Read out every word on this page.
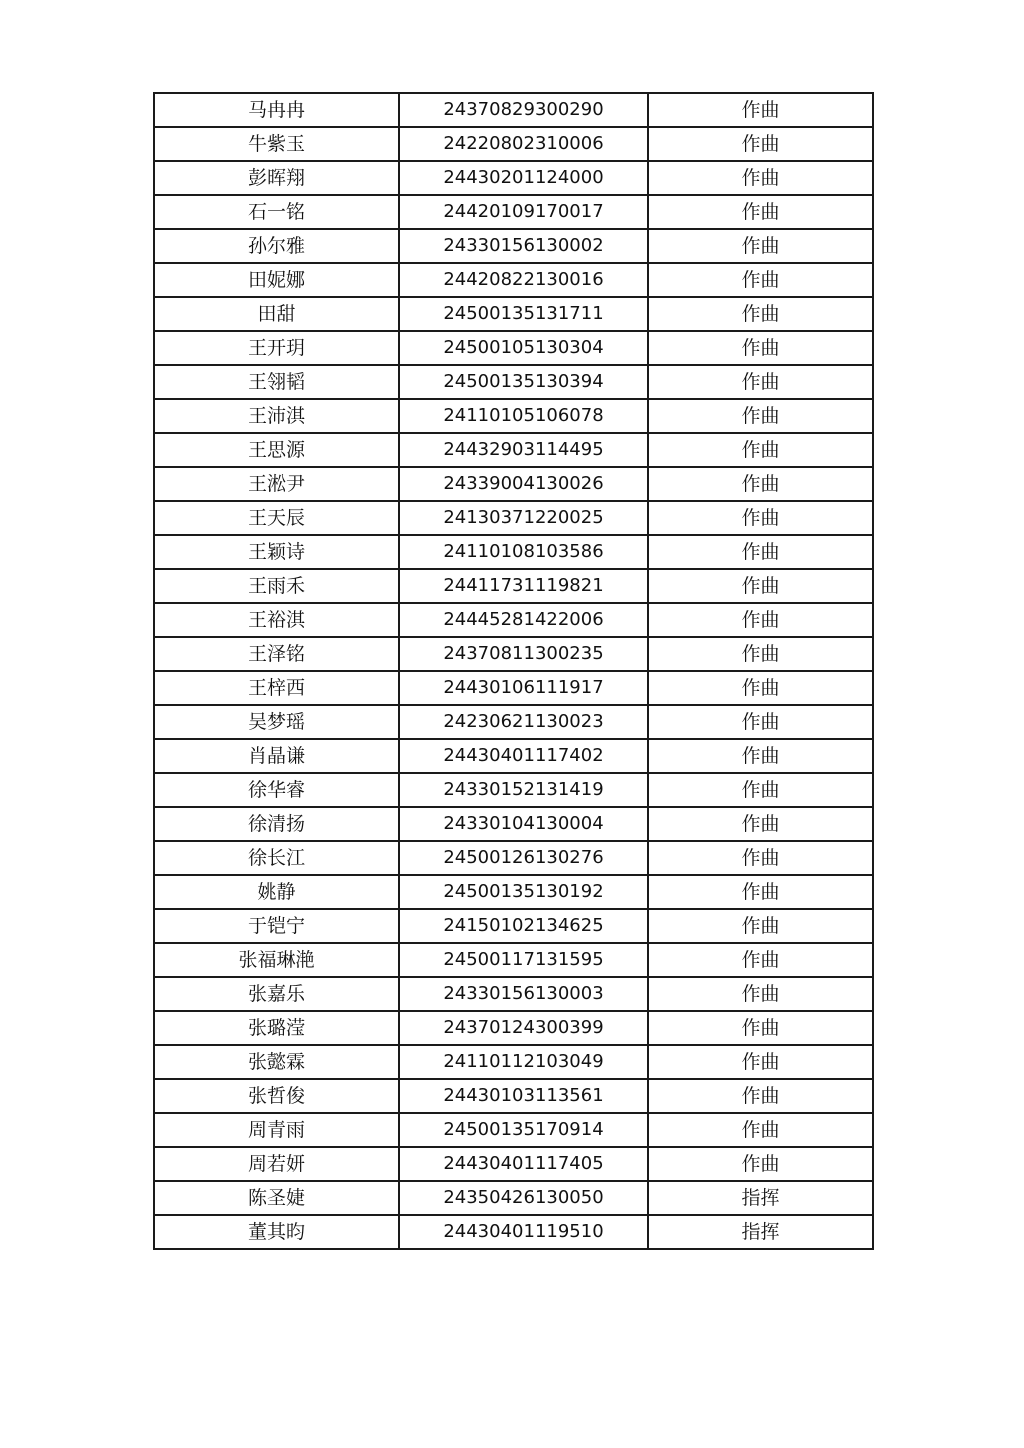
马冉冉	24370829300290	作曲
牛紫玉	24220802310006	作曲
彭晖翔	24430201124000	作曲
石一铭	24420109170017	作曲
孙尔雅	24330156130002	作曲
田妮娜	24420822130016	作曲
田甜	24500135131711	作曲
王开玥	24500105130304	作曲
王翎韬	24500135130394	作曲
王沛淇	24110105106078	作曲
王思源	24432903114495	作曲
王淞尹	24339004130026	作曲
王天辰	24130371220025	作曲
王颖诗	24110108103586	作曲
王雨禾	24411731119821	作曲
王裕淇	24445281422006	作曲
王泽铭	24370811300235	作曲
王梓西	24430106111917	作曲
吴梦瑶	24230621130023	作曲
肖晶谦	24430401117402	作曲
徐华睿	24330152131419	作曲
徐清扬	24330104130004	作曲
徐长江	24500126130276	作曲
姚静	24500135130192	作曲
于铠宁	24150102134625	作曲
张福琳滟	24500117131595	作曲
张嘉乐	24330156130003	作曲
张璐滢	24370124300399	作曲
张懿霖	24110112103049	作曲
张哲俊	24430103113561	作曲
周青雨	24500135170914	作曲
周若妍	24430401117405	作曲
陈圣婕	24350426130050	指挥
董其昀	24430401119510	指挥
